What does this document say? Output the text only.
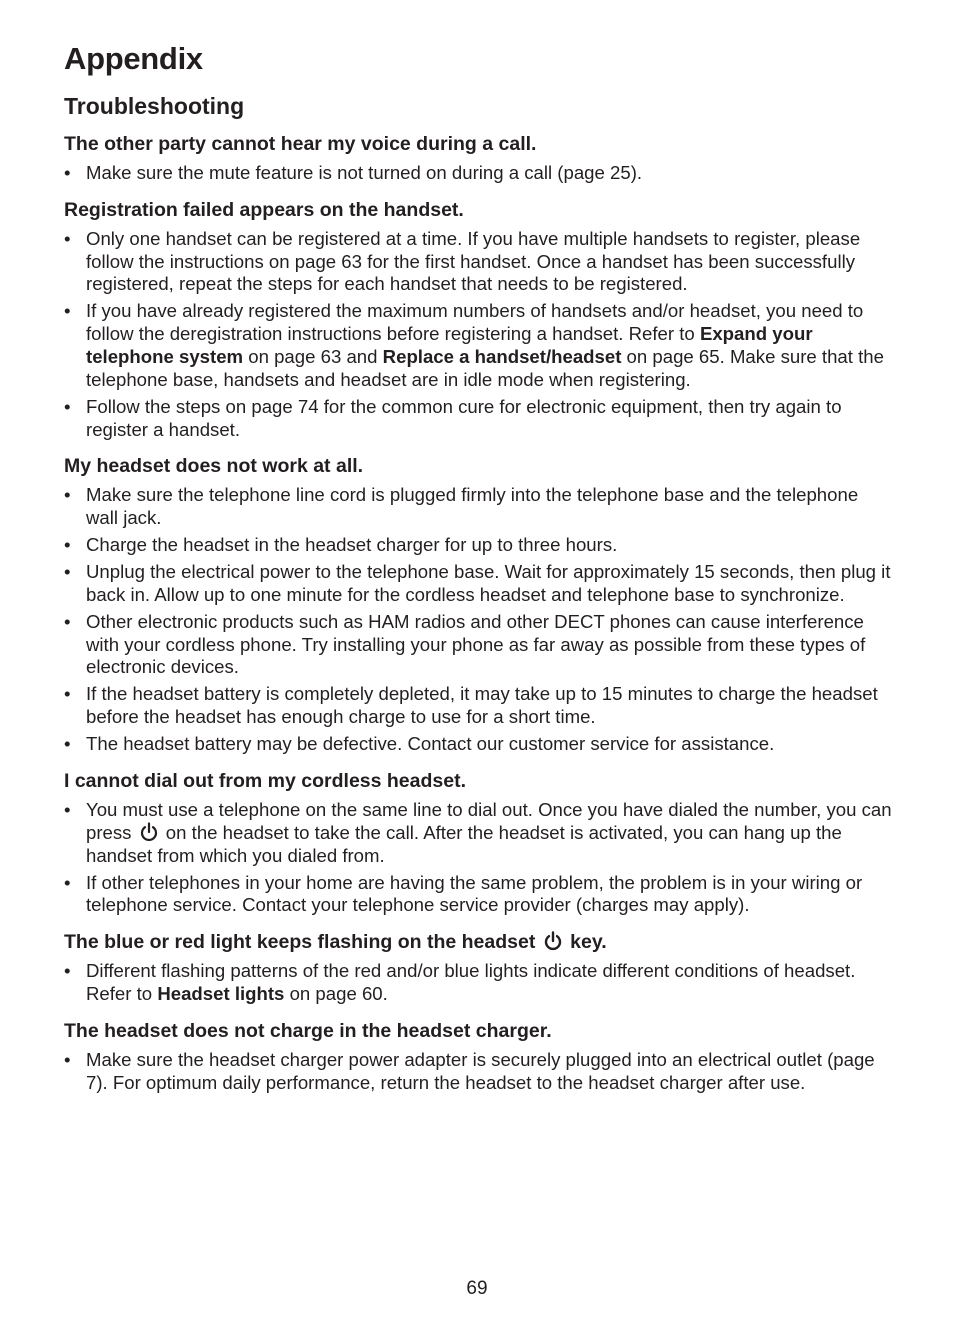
Appendix
Troubleshooting
The other party cannot hear my voice during a call.
• Make sure the mute feature is not turned on during a call (page 25).
Registration failed appears on the handset.
• Only one handset can be registered at a time. If you have multiple handsets to register, please follow the instructions on page 63 for the first handset. Once a handset has been successfully registered, repeat the steps for each handset that needs to be registered.
• If you have already registered the maximum numbers of handsets and/or headset, you need to follow the deregistration instructions before registering a handset. Refer to Expand your telephone system on page 63 and Replace a handset/headset on page 65. Make sure that the telephone base, handsets and headset are in idle mode when registering.
• Follow the steps on page 74 for the common cure for electronic equipment, then try again to register a handset.
My headset does not work at all.
• Make sure the telephone line cord is plugged firmly into the telephone base and the telephone wall jack.
• Charge the headset in the headset charger for up to three hours.
• Unplug the electrical power to the telephone base. Wait for approximately 15 seconds, then plug it back in. Allow up to one minute for the cordless headset and telephone base to synchronize.
• Other electronic products such as HAM radios and other DECT phones can cause interference with your cordless phone. Try installing your phone as far away as possible from these types of electronic devices.
• If the headset battery is completely depleted, it may take up to 15 minutes to charge the headset before the headset has enough charge to use for a short time.
• The headset battery may be defective. Contact our customer service for assistance.
I cannot dial out from my cordless headset.
• You must use a telephone on the same line to dial out. Once you have dialed the number, you can press  on the headset to take the call. After the headset is activated, you can hang up the handset from which you dialed from.
• If other telephones in your home are having the same problem, the problem is in your wiring or telephone service. Contact your telephone service provider (charges may apply).
The blue or red light keeps flashing on the headset  key.
• Different flashing patterns of the red and/or blue lights indicate different conditions of headset. Refer to Headset lights on page 60.
The headset does not charge in the headset charger.
• Make sure the headset charger power adapter is securely plugged into an electrical outlet (page 7). For optimum daily performance, return the headset to the headset charger after use.
69
